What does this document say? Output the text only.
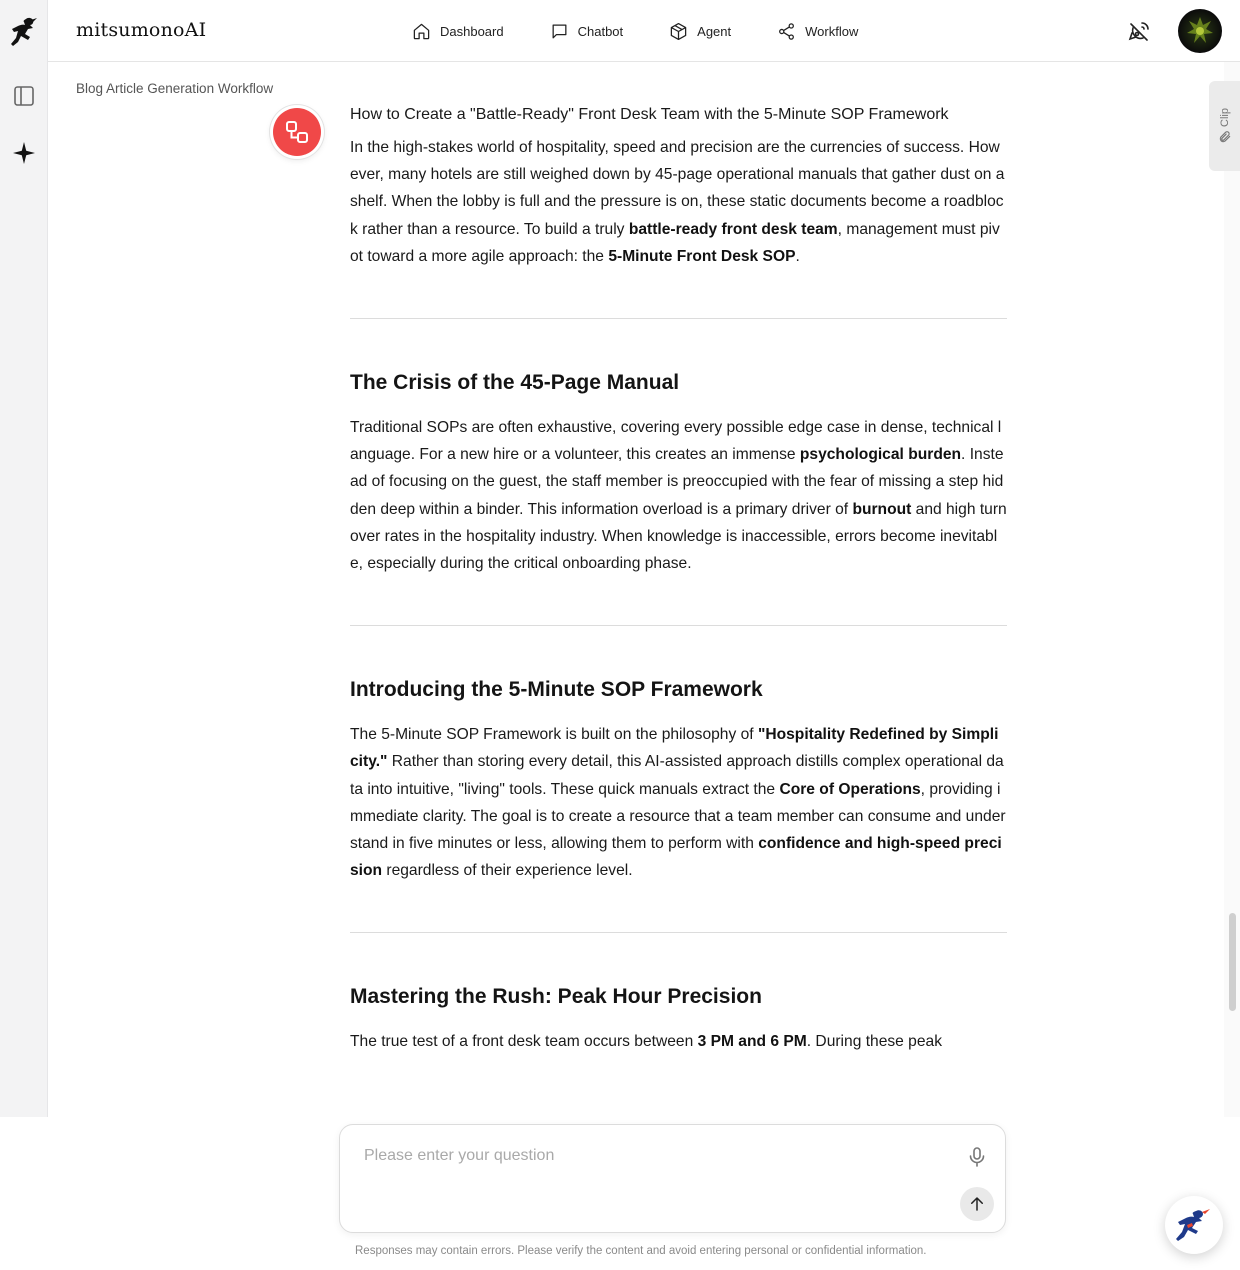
mitsumonoAI	Dashboard	Chatbot	Agent	Workflow
Blog Article Generation Workflow
Clip
How to Create a "Battle-Ready" Front Desk Team with the 5-Minute SOP Framework

In the high-stakes world of hospitality, speed and precision are the currencies of success. However, many hotels are still weighed down by 45-page operational manuals that gather dust on a shelf. When the lobby is full and the pressure is on, these static documents become a roadblock rather than a resource. To build a truly battle-ready front desk team, management must pivot toward a more agile approach: the 5-Minute Front Desk SOP.

The Crisis of the 45-Page Manual

Traditional SOPs are often exhaustive, covering every possible edge case in dense, technical language. For a new hire or a volunteer, this creates an immense psychological burden. Instead of focusing on the guest, the staff member is preoccupied with the fear of missing a step hidden deep within a binder. This information overload is a primary driver of burnout and high turnover rates in the hospitality industry. When knowledge is inaccessible, errors become inevitable, especially during the critical onboarding phase.

Introducing the 5-Minute SOP Framework

The 5-Minute SOP Framework is built on the philosophy of "Hospitality Redefined by Simplicity." Rather than storing every detail, this AI-assisted approach distills complex operational data into intuitive, "living" tools. These quick manuals extract the Core of Operations, providing immediate clarity. The goal is to create a resource that a team member can consume and understand in five minutes or less, allowing them to perform with confidence and high-speed precision regardless of their experience level.

Mastering the Rush: Peak Hour Precision

The true test of a front desk team occurs between 3 PM and 6 PM. During these peak

Please enter your question
Responses may contain errors. Please verify the content and avoid entering personal or confidential information.
